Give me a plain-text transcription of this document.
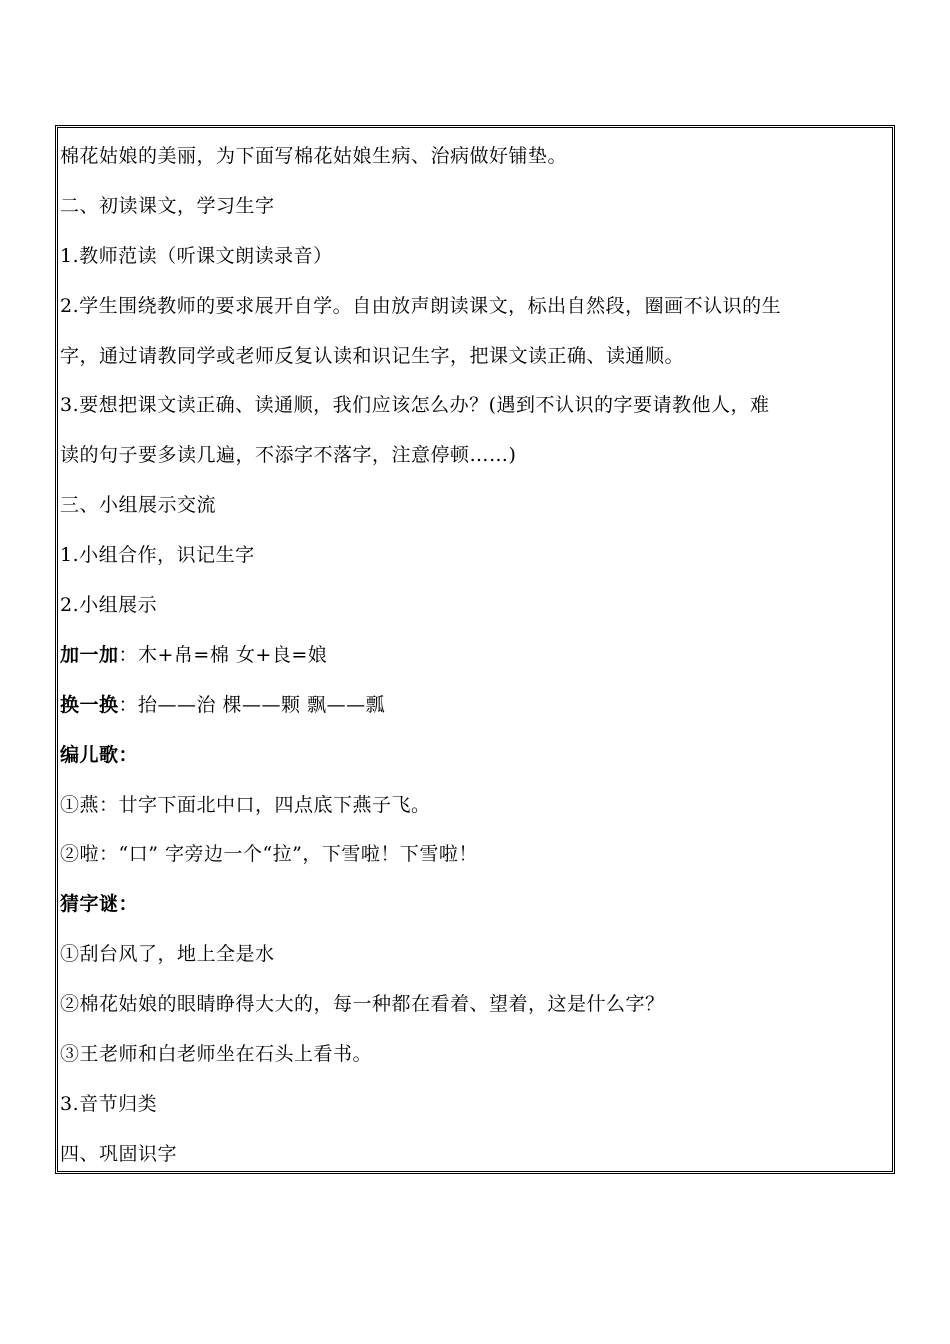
棉花姑娘的美丽，为下面写棉花姑娘生病、治病做好铺垫。
二、初读课文，学习生字
1.教师范读（听课文朗读录音）
2.学生围绕教师的要求展开自学。自由放声朗读课文，标出自然段，圈画不认识的生
字，通过请教同学或老师反复认读和识记生字，把课文读正确、读通顺。
3.要想把课文读正确、读通顺，我们应该怎么办？(遇到不认识的字要请教他人，难
读的句子要多读几遍，不添字不落字，注意停顿……)
三、小组展示交流
1.小组合作，识记生字
2.小组展示
加一加：木+帛=棉 女+良=娘
换一换：抬——治 棵——颗 飘——瓢
编儿歌：
①燕：廿字下面北中口，四点底下燕子飞。
②啦：“口” 字旁边一个“拉”，下雪啦！下雪啦！
猜字谜：
①刮台风了，地上全是水
②棉花姑娘的眼睛睁得大大的，每一种都在看着、望着，这是什么字？
③王老师和白老师坐在石头上看书。
3.音节归类
四、巩固识字
